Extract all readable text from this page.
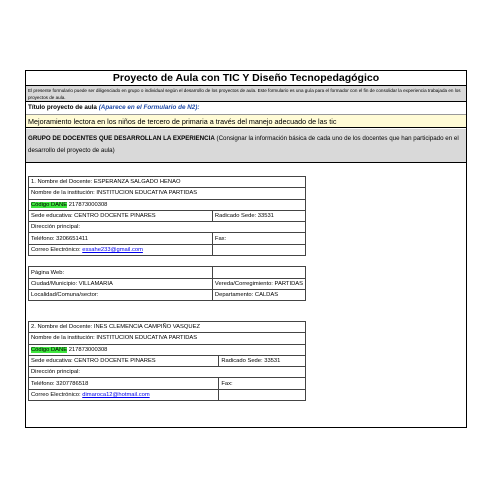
Proyecto de Aula con TIC Y Diseño Tecnopedagógico
El presente formulario puede ser diligenciado en grupo o individual según el desarrollo de los proyectos de aula. Este formulario es una guía para el formador con el fin de consolidar la experiencia trabajada en los proyectos de aula.
Título proyecto de aula (Aparece en el Formulario de N2):
Mejoramiento lectora en los niños de tercero de primaria a través del manejo adecuado de las tic
GRUPO DE DOCENTES QUE DESARROLLAN LA EXPERIENCIA (Consignar la información básica de cada uno de los docentes que han participado en el desarrollo del proyecto de aula)
1. Nombre del Docente: ESPERANZA SALGADO HENAO	
Nombre de la institución: INSTITUCION EDUCATIVA PARTIDAS	
Código DANE 217873000308	
Sede educativa: CENTRO DOCENTE PINARES	Radicado Sede: 33531
Dirección principal:	
Teléfono: 3206651411	Fax:
Correo Electrónico: essahe233@gmail.com	

Página Web:	
Ciudad/Municipio: VILLAMARIA	Vereda/Corregimiento: PARTIDAS
Localidad/Comuna/sector:	Departamento: CALDAS
2. Nombre del Docente: INES CLEMENCIA CAMPIÑO VASQUEZ	
Nombre de la institución: INSTITUCION EDUCATIVA PARTIDAS	
Código DANE 217873000308	
Sede educativa: CENTRO DOCENTE PINARES	Radicado Sede: 33531
Dirección principal:	
Teléfono: 3207786518	Fax:
Correo Electrónico: dimaroca12@hotmail.com	
